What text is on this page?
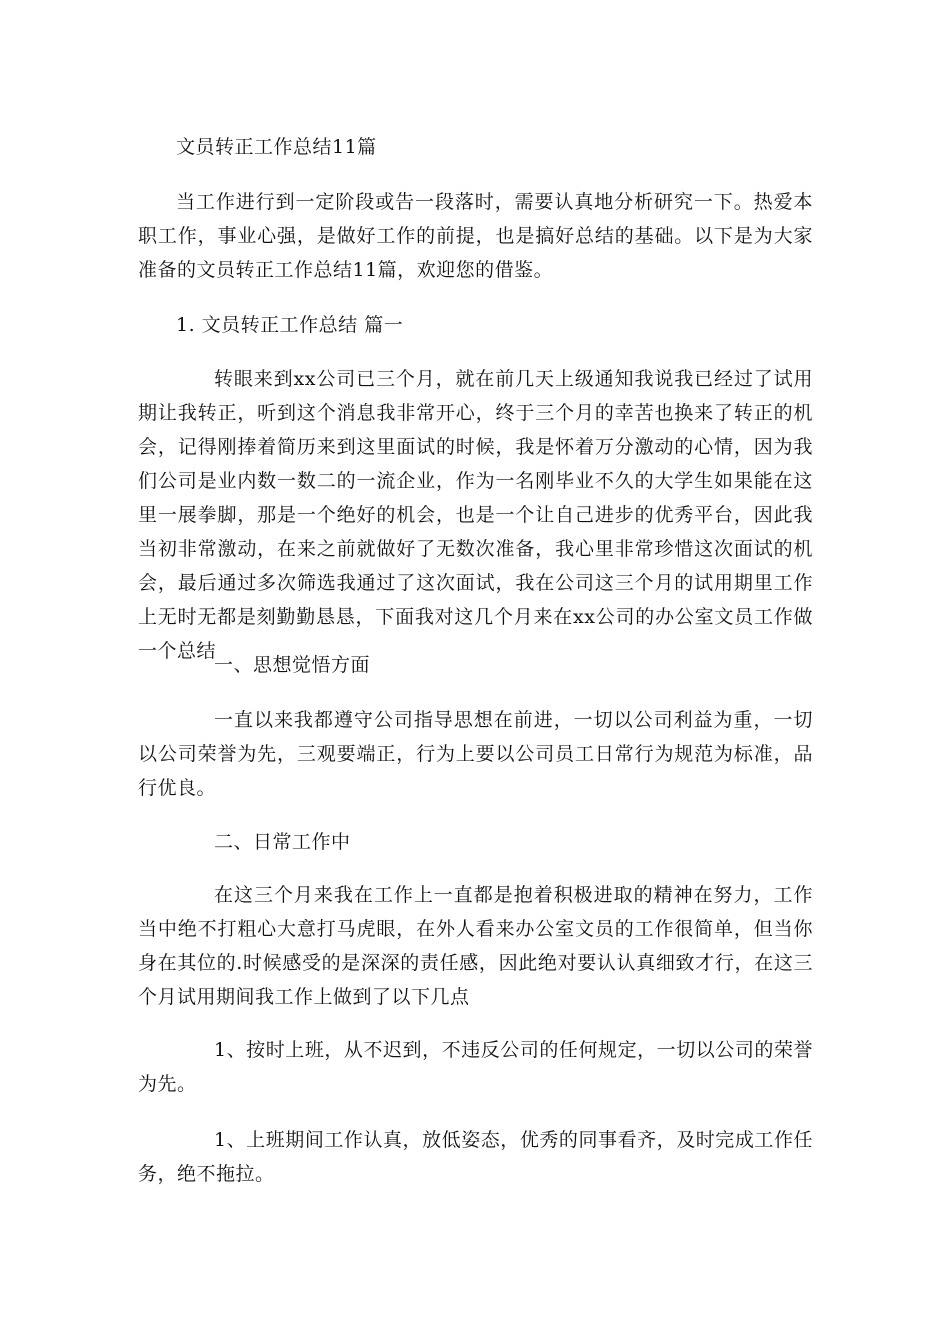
文员转正工作总结11篇

当工作进行到一定阶段或告一段落时，需要认真地分析研究一下。热爱本职工作，事业心强，是做好工作的前提，也是搞好总结的基础。以下是为大家准备的文员转正工作总结11篇，欢迎您的借鉴。

1. 文员转正工作总结 篇一

转眼来到xx公司已三个月，就在前几天上级通知我说我已经过了试用期让我转正，听到这个消息我非常开心，终于三个月的幸苦也换来了转正的机会，记得刚捧着简历来到这里面试的时候，我是怀着万分激动的心情，因为我们公司是业内数一数二的一流企业，作为一名刚毕业不久的大学生如果能在这里一展拳脚，那是一个绝好的机会，也是一个让自己进步的优秀平台，因此我当初非常激动，在来之前就做好了无数次准备，我心里非常珍惜这次面试的机会，最后通过多次筛选我通过了这次面试，我在公司这三个月的试用期里工作上无时无都是刻勤勤恳恳，下面我对这几个月来在xx公司的办公室文员工作做一个总结

一、思想觉悟方面

一直以来我都遵守公司指导思想在前进，一切以公司利益为重，一切以公司荣誉为先，三观要端正，行为上要以公司员工日常行为规范为标准，品行优良。

二、日常工作中

在这三个月来我在工作上一直都是抱着积极进取的精神在努力，工作当中绝不打粗心大意打马虎眼，在外人看来办公室文员的工作很简单，但当你身在其位的.时候感受的是深深的责任感，因此绝对要认认真细致才行，在这三个月试用期间我工作上做到了以下几点

1、按时上班，从不迟到，不违反公司的任何规定，一切以公司的荣誉为先。

1、上班期间工作认真，放低姿态，优秀的同事看齐，及时完成工作任务，绝不拖拉。
